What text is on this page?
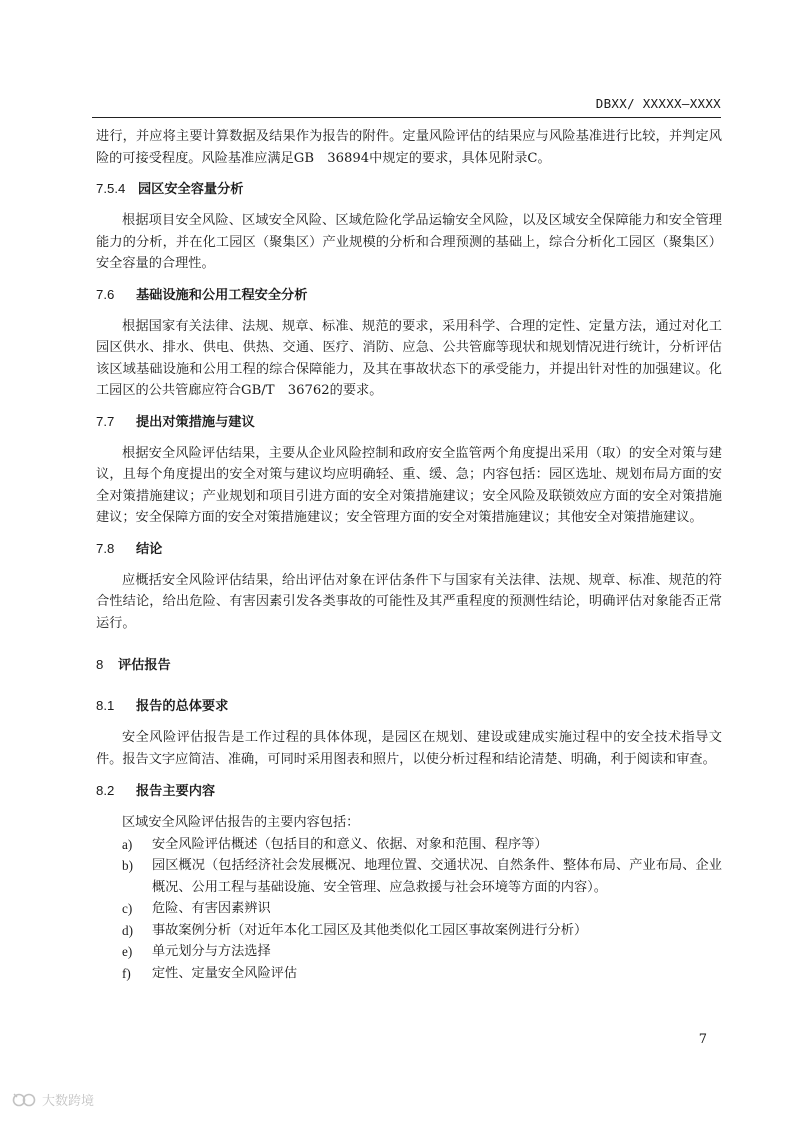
DBXX/ XXXXX—XXXX

进行，并应将主要计算数据及结果作为报告的附件。定量风险评估的结果应与风险基准进行比较，并判定风险的可接受程度。风险基准应满足GB　36894中规定的要求，具体见附录C。

7.5.4 园区安全容量分析

根据项目安全风险、区域安全风险、区域危险化学品运输安全风险，以及区域安全保障能力和安全管理能力的分析，并在化工园区（聚集区）产业规模的分析和合理预测的基础上，综合分析化工园区（聚集区）安全容量的合理性。

7.6 基础设施和公用工程安全分析

根据国家有关法律、法规、规章、标准、规范的要求，采用科学、合理的定性、定量方法，通过对化工园区供水、排水、供电、供热、交通、医疗、消防、应急、公共管廊等现状和规划情况进行统计，分析评估该区域基础设施和公用工程的综合保障能力，及其在事故状态下的承受能力，并提出针对性的加强建议。化工园区的公共管廊应符合GB/T　36762的要求。

7.7 提出对策措施与建议

根据安全风险评估结果，主要从企业风险控制和政府安全监管两个角度提出采用（取）的安全对策与建议，且每个角度提出的安全对策与建议均应明确轻、重、缓、急；内容包括：园区选址、规划布局方面的安全对策措施建议；产业规划和项目引进方面的安全对策措施建议；安全风险及联锁效应方面的安全对策措施建议；安全保障方面的安全对策措施建议；安全管理方面的安全对策措施建议；其他安全对策措施建议。

7.8 结论

应概括安全风险评估结果，给出评估对象在评估条件下与国家有关法律、法规、规章、标准、规范的符合性结论，给出危险、有害因素引发各类事故的可能性及其严重程度的预测性结论，明确评估对象能否正常运行。

8 评估报告
8.1 报告的总体要求

安全风险评估报告是工作过程的具体体现，是园区在规划、建设或建成实施过程中的安全技术指导文件。报告文字应简洁、准确，可同时采用图表和照片，以使分析过程和结论清楚、明确，利于阅读和审查。

8.2 报告主要内容

区域安全风险评估报告的主要内容包括：

a)	安全风险评估概述（包括目的和意义、依据、对象和范围、程序等）
b)	园区概况（包括经济社会发展概况、地理位置、交通状况、自然条件、整体布局、产业布局、企业概况、公用工程与基础设施、安全管理、应急救援与社会环境等方面的内容）。
c)	危险、有害因素辨识
d)	事故案例分析（对近年本化工园区及其他类似化工园区事故案例进行分析）
e)	单元划分与方法选择
f)	定性、定量安全风险评估
7
大数跨境
